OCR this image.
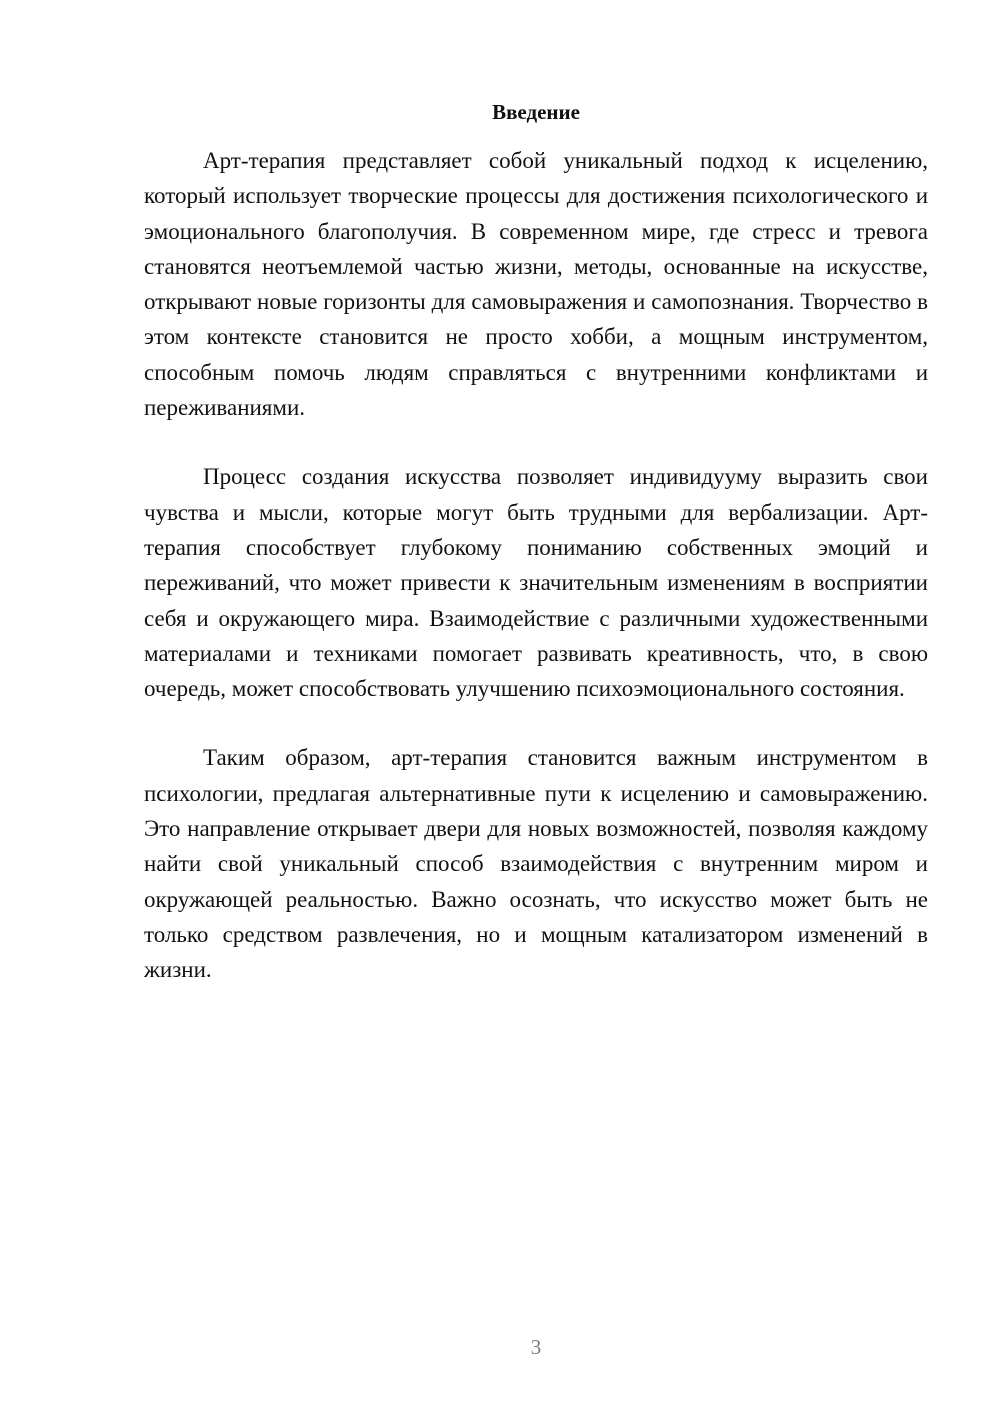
Введение

Арт-терапия представляет собой уникальный подход к исцелению, который использует творческие процессы для достижения психологического и эмоционального благополучия. В современном мире, где стресс и тревога становятся неотъемлемой частью жизни, методы, основанные на искусстве, открывают новые горизонты для самовыражения и самопознания. Творчество в этом контексте становится не просто хобби, а мощным инструментом, способным помочь людям справляться с внутренними конфликтами и переживаниями.

Процесс создания искусства позволяет индивидууму выразить свои чувства и мысли, которые могут быть трудными для вербализации. Арт-терапия способствует глубокому пониманию собственных эмоций и переживаний, что может привести к значительным изменениям в восприятии себя и окружающего мира. Взаимодействие с различными художественными материалами и техниками помогает развивать креативность, что, в свою очередь, может способствовать улучшению психоэмоционального состояния.

Таким образом, арт-терапия становится важным инструментом в психологии, предлагая альтернативные пути к исцелению и самовыражению. Это направление открывает двери для новых возможностей, позволяя каждому найти свой уникальный способ взаимодействия с внутренним миром и окружающей реальностью. Важно осознать, что искусство может быть не только средством развлечения, но и мощным катализатором изменений в жизни.

3
